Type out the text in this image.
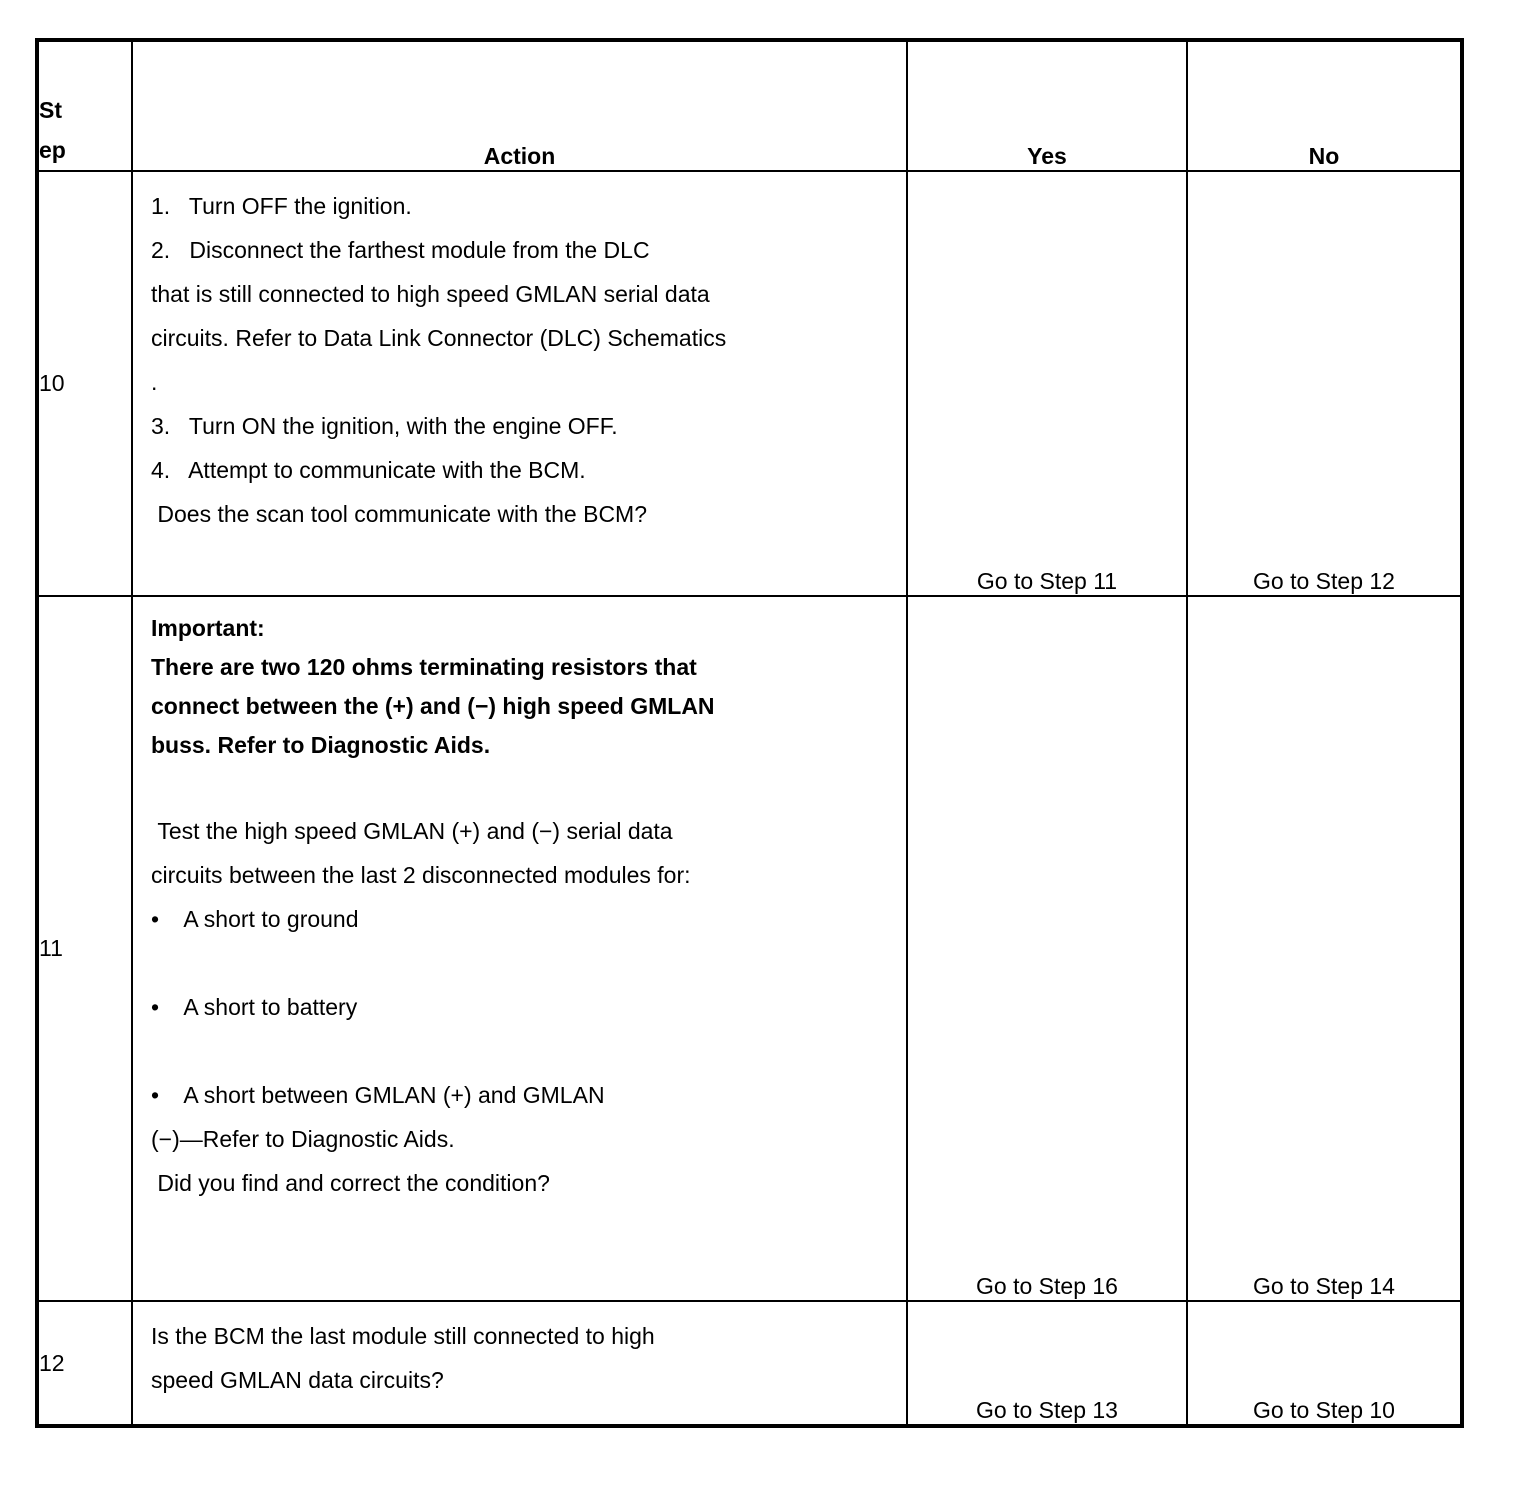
St
ep	Action	Yes	No
10	
1.   Turn OFF the ignition.
2.   Disconnect the farthest module from the DLC
that is still connected to high speed GMLAN serial data
circuits. Refer to Data Link Connector (DLC) Schematics
.
3.   Turn ON the ignition, with the engine OFF.
4.   Attempt to communicate with the BCM.
Does the scan tool communicate with the BCM?
	Go to Step 11	Go to Step 12
11	
Important:
There are two 120 ohms terminating resistors that
connect between the (+) and (−) high speed GMLAN
buss. Refer to Diagnostic Aids.
Test the high speed GMLAN (+) and (−) serial data
circuits between the last 2 disconnected modules for:
•    A short to ground
•    A short to battery
•    A short between GMLAN (+) and GMLAN
(−)—Refer to Diagnostic Aids.
Did you find and correct the condition?
	Go to Step 16	Go to Step 14
12	Is the BCM the last module still connected to high
speed GMLAN data circuits?	Go to Step 13	Go to Step 10
